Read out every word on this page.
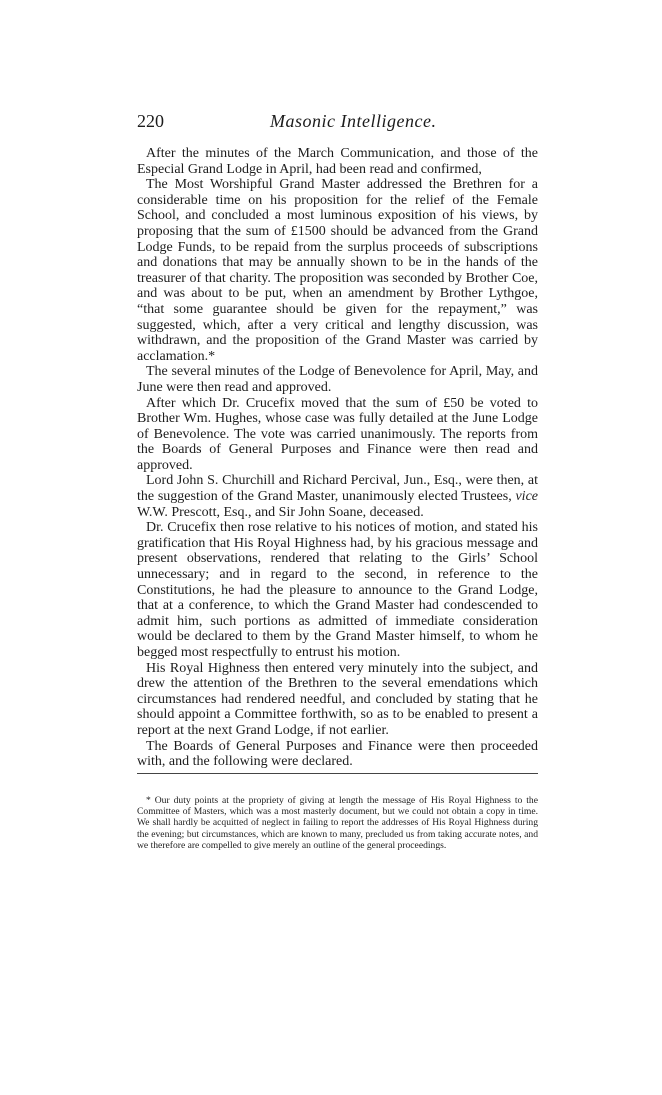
220	Masonic Intelligence.

After the minutes of the March Communication, and those of the Especial Grand Lodge in April, had been read and confirmed,

The Most Worshipful Grand Master addressed the Brethren for a considerable time on his proposition for the relief of the Female School, and concluded a most luminous exposition of his views, by proposing that the sum of £1500 should be advanced from the Grand Lodge Funds, to be repaid from the surplus proceeds of subscriptions and donations that may be annually shown to be in the hands of the treasurer of that charity. The proposition was seconded by Brother Coe, and was about to be put, when an amendment by Brother Lythgoe, “that some guarantee should be given for the repayment,” was suggested, which, after a very critical and lengthy discussion, was withdrawn, and the proposition of the Grand Master was carried by acclamation.*

The several minutes of the Lodge of Benevolence for April, May, and June were then read and approved.

After which Dr. Crucefix moved that the sum of £50 be voted to Brother Wm. Hughes, whose case was fully detailed at the June Lodge of Benevolence. The vote was carried unanimously. The reports from the Boards of General Purposes and Finance were then read and approved.

Lord John S. Churchill and Richard Percival, Jun., Esq., were then, at the suggestion of the Grand Master, unanimously elected Trustees, vice W.W. Prescott, Esq., and Sir John Soane, deceased.

Dr. Crucefix then rose relative to his notices of motion, and stated his gratification that His Royal Highness had, by his gracious message and present observations, rendered that relating to the Girls’ School unnecessary; and in regard to the second, in reference to the Constitutions, he had the pleasure to announce to the Grand Lodge, that at a conference, to which the Grand Master had condescended to admit him, such portions as admitted of immediate consideration would be declared to them by the Grand Master himself, to whom he begged most respectfully to entrust his motion.

His Royal Highness then entered very minutely into the subject, and drew the attention of the Brethren to the several emendations which circumstances had rendered needful, and concluded by stating that he should appoint a Committee forthwith, so as to be enabled to present a report at the next Grand Lodge, if not earlier.

The Boards of General Purposes and Finance were then proceeded with, and the following were declared.

* Our duty points at the propriety of giving at length the message of His Royal Highness to the Committee of Masters, which was a most masterly document, but we could not obtain a copy in time. We shall hardly be acquitted of neglect in failing to report the addresses of His Royal Highness during the evening; but circumstances, which are known to many, precluded us from taking accurate notes, and we therefore are compelled to give merely an outline of the general proceedings.
